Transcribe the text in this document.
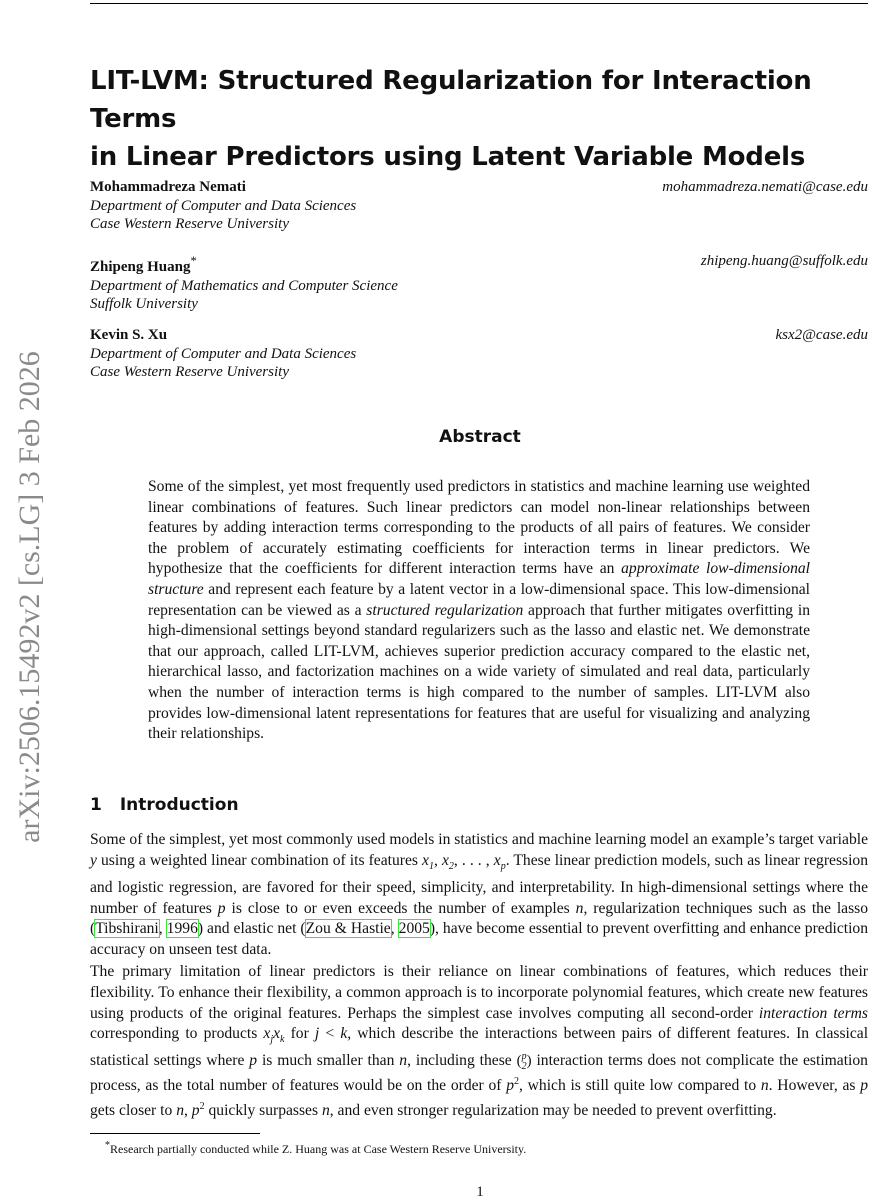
arXiv:2506.15492v2 [cs.LG] 3 Feb 2026
LIT-LVM: Structured Regularization for Interaction Terms
in Linear Predictors using Latent Variable Models
Mohammadreza Nemati	mohammadreza.nemati@case.edu
Department of Computer and Data Sciences
Case Western Reserve University
Zhipeng Huang*	zhipeng.huang@suffolk.edu
Department of Mathematics and Computer Science
Suffolk University
Kevin S. Xu	ksx2@case.edu
Department of Computer and Data Sciences
Case Western Reserve University
Abstract
Some of the simplest, yet most frequently used predictors in statistics and machine learning use weighted linear combinations of features. Such linear predictors can model non-linear relationships between features by adding interaction terms corresponding to the products of all pairs of features. We consider the problem of accurately estimating coefficients for interaction terms in linear predictors. We hypothesize that the coefficients for different interaction terms have an approximate low-dimensional structure and represent each feature by a latent vector in a low-dimensional space. This low-dimensional representation can be viewed as a structured regularization approach that further mitigates overfitting in high-dimensional settings beyond standard regularizers such as the lasso and elastic net. We demonstrate that our approach, called LIT-LVM, achieves superior prediction accuracy compared to the elastic net, hierarchical lasso, and factorization machines on a wide variety of simulated and real data, particularly when the number of interaction terms is high compared to the number of samples. LIT-LVM also provides low-dimensional latent representations for features that are useful for visualizing and analyzing their relationships.
1 Introduction
Some of the simplest, yet most commonly used models in statistics and machine learning model an example’s target variable y using a weighted linear combination of its features $x_1$, $x_2$, . . . , $x_p$. These linear prediction models, such as linear regression and logistic regression, are favored for their speed, simplicity, and interpretability. In high-dimensional settings where the number of features p is close to or even exceeds the number of examples n, regularization techniques such as the lasso (Tibshirani, 1996) and elastic net (Zou & Hastie, 2005), have become essential to prevent overfitting and enhance prediction accuracy on unseen test data.
The primary limitation of linear predictors is their reliance on linear combinations of features, which reduces their flexibility. To enhance their flexibility, a common approach is to incorporate polynomial features, which create new features using products of the original features. Perhaps the simplest case involves computing all second-order interaction terms corresponding to products $x_jx_k$ for j < k, which describe the interactions between pairs of different features. In classical statistical settings where p is much smaller than n, including these ( p
2 ) interaction terms does not complicate the estimation process, as the total number of features would be on the order of $p^2$, which is still quite low compared to n. However, as p gets closer to n, $p^2$ quickly surpasses n, and even stronger regularization may be needed to prevent overfitting.
*Research partially conducted while Z. Huang was at Case Western Reserve University.
1
